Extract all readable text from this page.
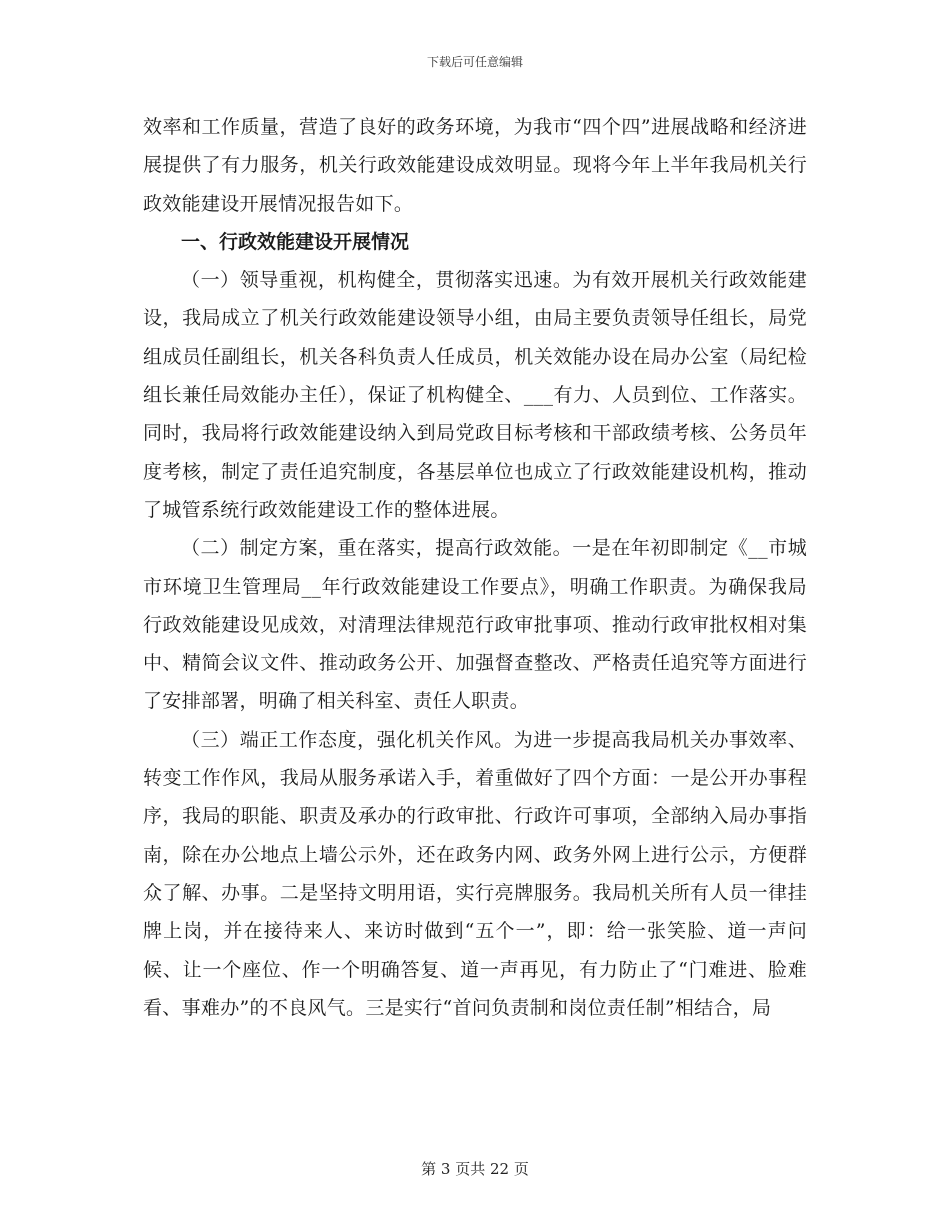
下载后可任意编辑

效率和工作质量，营造了良好的政务环境，为我市“四个四”进展战略和经济进展提供了有力服务，机关行政效能建设成效明显。现将今年上半年我局机关行政效能建设开展情况报告如下。

一、行政效能建设开展情况

（一）领导重视，机构健全，贯彻落实迅速。为有效开展机关行政效能建设，我局成立了机关行政效能建设领导小组，由局主要负责领导任组长，局党组成员任副组长，机关各科负责人任成员，机关效能办设在局办公室（局纪检组长兼任局效能办主任），保证了机构健全、___有力、人员到位、工作落实。同时，我局将行政效能建设纳入到局党政目标考核和干部政绩考核、公务员年度考核，制定了责任追究制度，各基层单位也成立了行政效能建设机构，推动了城管系统行政效能建设工作的整体进展。

（二）制定方案，重在落实，提高行政效能。一是在年初即制定《__市城市环境卫生管理局__年行政效能建设工作要点》，明确工作职责。为确保我局行政效能建设见成效，对清理法律规范行政审批事项、推动行政审批权相对集中、精简会议文件、推动政务公开、加强督查整改、严格责任追究等方面进行了安排部署，明确了相关科室、责任人职责。

（三）端正工作态度，强化机关作风。为进一步提高我局机关办事效率、转变工作作风，我局从服务承诺入手，着重做好了四个方面：一是公开办事程序，我局的职能、职责及承办的行政审批、行政许可事项，全部纳入局办事指南，除在办公地点上墙公示外，还在政务内网、政务外网上进行公示，方便群众了解、办事。二是坚持文明用语，实行亮牌服务。我局机关所有人员一律挂牌上岗，并在接待来人、来访时做到“五个一”，即：给一张笑脸、道一声问候、让一个座位、作一个明确答复、道一声再见，有力防止了“门难进、脸难看、事难办”的不良风气。三是实行“首问负责制和岗位责任制”相结合，局

第 3 页共 22 页
